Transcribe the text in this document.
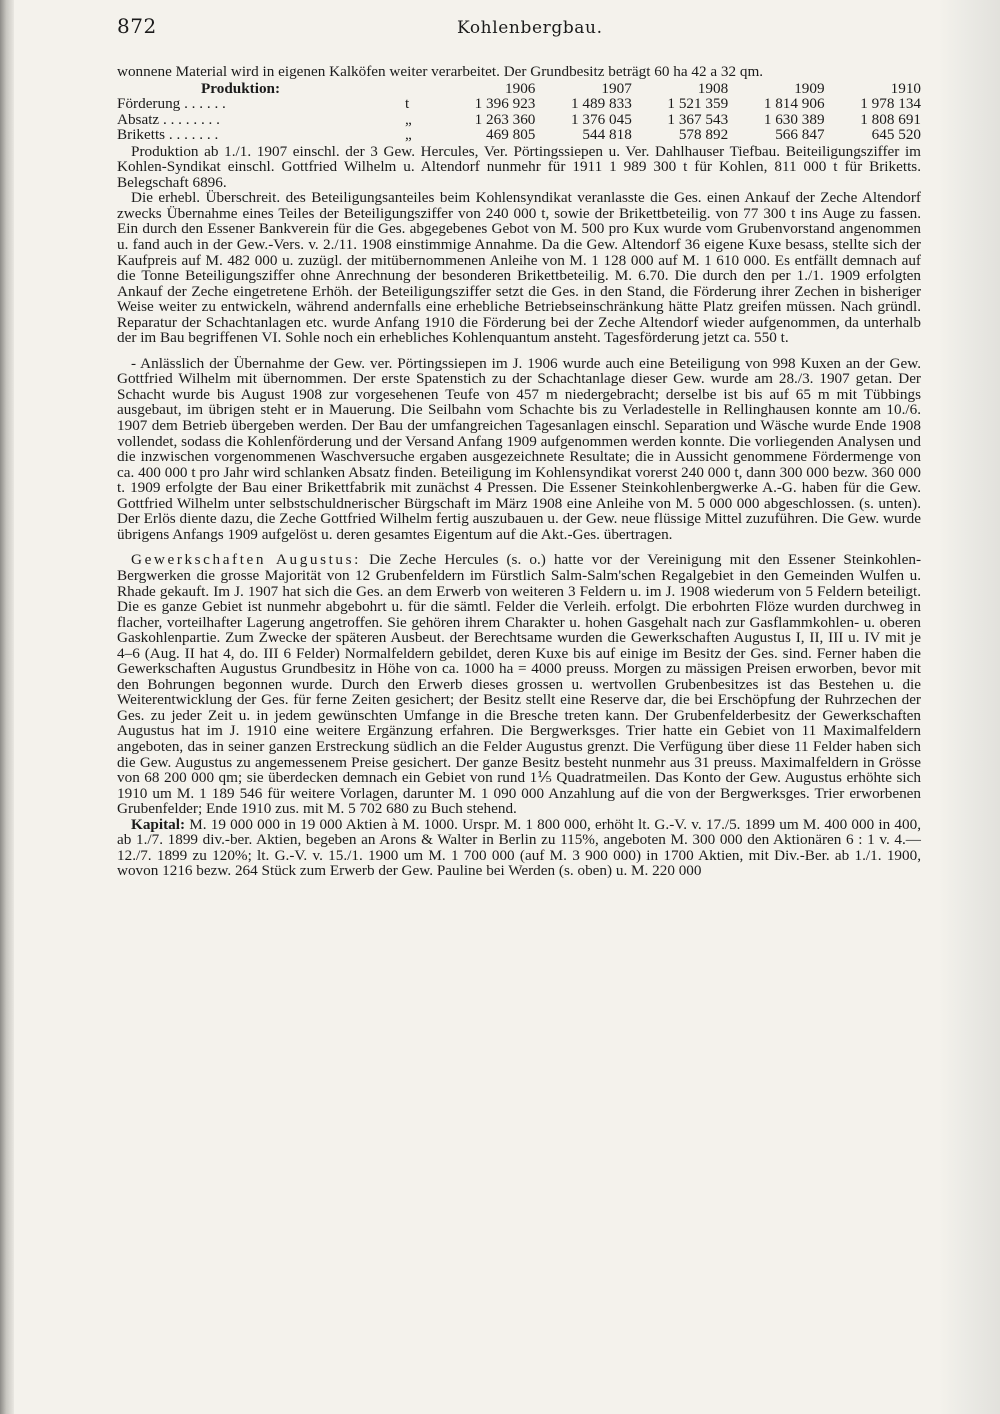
872	Kohlenbergbau.

wonnene Material wird in eigenen Kalköfen weiter verarbeitet. Der Grundbesitz beträgt 60 ha 42 a 32 qm.

Produktion:		1906	1907	1908	1909	1910
Förderung . . . . . .	t	1 396 923	1 489 833	1 521 359	1 814 906	1 978 134
Absatz . . . . . . . .	„	1 263 360	1 376 045	1 367 543	1 630 389	1 808 691
Briketts . . . . . . .	„	469 805	544 818	578 892	566 847	645 520

Produktion ab 1./1. 1907 einschl. der 3 Gew. Hercules, Ver. Pörtingssiepen u. Ver. Dahlhauser Tiefbau. Beiteiligungsziffer im Kohlen-Syndikat einschl. Gottfried Wilhelm u. Altendorf nunmehr für 1911 1 989 300 t für Kohlen, 811 000 t für Briketts. Belegschaft 6896.

Die erhebl. Überschreit. des Beteiligungsanteiles beim Kohlensyndikat veranlasste die Ges. einen Ankauf der Zeche Altendorf zwecks Übernahme eines Teiles der Beteiligungsziffer von 240 000 t, sowie der Brikettbeteilig. von 77 300 t ins Auge zu fassen. Ein durch den Essener Bankverein für die Ges. abgegebenes Gebot von M. 500 pro Kux wurde vom Grubenvorstand angenommen u. fand auch in der Gew.-Vers. v. 2./11. 1908 einstimmige Annahme. Da die Gew. Altendorf 36 eigene Kuxe besass, stellte sich der Kaufpreis auf M. 482 000 u. zuzügl. der mitübernommenen Anleihe von M. 1 128 000 auf M. 1 610 000. Es entfällt demnach auf die Tonne Beteiligungsziffer ohne Anrechnung der besonderen Brikettbeteilig. M. 6.70. Die durch den per 1./1. 1909 erfolgten Ankauf der Zeche eingetretene Erhöh. der Beteiligungsziffer setzt die Ges. in den Stand, die Förderung ihrer Zechen in bisheriger Weise weiter zu entwickeln, während andernfalls eine erhebliche Betriebseinschränkung hätte Platz greifen müssen. Nach gründl. Reparatur der Schachtanlagen etc. wurde Anfang 1910 die Förderung bei der Zeche Altendorf wieder aufgenommen, da unterhalb der im Bau begriffenen VI. Sohle noch ein erhebliches Kohlenquantum ansteht. Tagesförderung jetzt ca. 550 t.

- Anlässlich der Übernahme der Gew. ver. Pörtingssiepen im J. 1906 wurde auch eine Beteiligung von 998 Kuxen an der Gew. Gottfried Wilhelm mit übernommen. Der erste Spatenstich zu der Schachtanlage dieser Gew. wurde am 28./3. 1907 getan. Der Schacht wurde bis August 1908 zur vorgesehenen Teufe von 457 m niedergebracht; derselbe ist bis auf 65 m mit Tübbings ausgebaut, im übrigen steht er in Mauerung. Die Seilbahn vom Schachte bis zu Verladestelle in Rellinghausen konnte am 10./6. 1907 dem Betrieb übergeben werden. Der Bau der umfangreichen Tagesanlagen einschl. Separation und Wäsche wurde Ende 1908 vollendet, sodass die Kohlenförderung und der Versand Anfang 1909 aufgenommen werden konnte. Die vorliegenden Analysen und die inzwischen vorgenommenen Waschversuche ergaben ausgezeichnete Resultate; die in Aussicht genommene Fördermenge von ca. 400 000 t pro Jahr wird schlanken Absatz finden. Beteiligung im Kohlensyndikat vorerst 240 000 t, dann 300 000 bezw. 360 000 t. 1909 erfolgte der Bau einer Brikettfabrik mit zunächst 4 Pressen. Die Essener Steinkohlenbergwerke A.-G. haben für die Gew. Gottfried Wilhelm unter selbstschuldnerischer Bürgschaft im März 1908 eine Anleihe von M. 5 000 000 abgeschlossen. (s. unten). Der Erlös diente dazu, die Zeche Gottfried Wilhelm fertig auszubauen u. der Gew. neue flüssige Mittel zuzuführen. Die Gew. wurde übrigens Anfangs 1909 aufgelöst u. deren gesamtes Eigentum auf die Akt.-Ges. übertragen.

Gewerkschaften Augustus: Die Zeche Hercules (s. o.) hatte vor der Vereinigung mit den Essener Steinkohlen-Bergwerken die grosse Majorität von 12 Grubenfeldern im Fürstlich Salm-Salm'schen Regalgebiet in den Gemeinden Wulfen u. Rhade gekauft. Im J. 1907 hat sich die Ges. an dem Erwerb von weiteren 3 Feldern u. im J. 1908 wiederum von 5 Feldern beteiligt. Die es ganze Gebiet ist nunmehr abgebohrt u. für die sämtl. Felder die Verleih. erfolgt. Die erbohrten Flöze wurden durchweg in flacher, vorteilhafter Lagerung angetroffen. Sie gehören ihrem Charakter u. hohen Gasgehalt nach zur Gasflammkohlen- u. oberen Gaskohlenpartie. Zum Zwecke der späteren Ausbeut. der Berechtsame wurden die Gewerkschaften Augustus I, II, III u. IV mit je 4–6 (Aug. II hat 4, do. III 6 Felder) Normalfeldern gebildet, deren Kuxe bis auf einige im Besitz der Ges. sind. Ferner haben die Gewerkschaften Augustus Grundbesitz in Höhe von ca. 1000 ha = 4000 preuss. Morgen zu mässigen Preisen erworben, bevor mit den Bohrungen begonnen wurde. Durch den Erwerb dieses grossen u. wertvollen Grubenbesitzes ist das Bestehen u. die Weiterentwicklung der Ges. für ferne Zeiten gesichert; der Besitz stellt eine Reserve dar, die bei Erschöpfung der Ruhrzechen der Ges. zu jeder Zeit u. in jedem gewünschten Umfange in die Bresche treten kann. Der Grubenfelderbesitz der Gewerkschaften Augustus hat im J. 1910 eine weitere Ergänzung erfahren. Die Bergwerksges. Trier hatte ein Gebiet von 11 Maximalfeldern angeboten, das in seiner ganzen Erstreckung südlich an die Felder Augustus grenzt. Die Verfügung über diese 11 Felder haben sich die Gew. Augustus zu angemessenem Preise gesichert. Der ganze Besitz besteht nunmehr aus 31 preuss. Maximalfeldern in Grösse von 68 200 000 qm; sie überdecken demnach ein Gebiet von rund 1⅕ Quadratmeilen. Das Konto der Gew. Augustus erhöhte sich 1910 um M. 1 189 546 für weitere Vorlagen, darunter M. 1 090 000 Anzahlung auf die von der Bergwerksges. Trier erworbenen Grubenfelder; Ende 1910 zus. mit M. 5 702 680 zu Buch stehend.

Kapital: M. 19 000 000 in 19 000 Aktien à M. 1000. Urspr. M. 1 800 000, erhöht lt. G.-V. v. 17./5. 1899 um M. 400 000 in 400, ab 1./7. 1899 div.-ber. Aktien, begeben an Arons & Walter in Berlin zu 115%, angeboten M. 300 000 den Aktionären 6 : 1 v. 4.—12./7. 1899 zu 120%; lt. G.-V. v. 15./1. 1900 um M. 1 700 000 (auf M. 3 900 000) in 1700 Aktien, mit Div.-Ber. ab 1./1. 1900, wovon 1216 bezw. 264 Stück zum Erwerb der Gew. Pauline bei Werden (s. oben) u. M. 220 000
